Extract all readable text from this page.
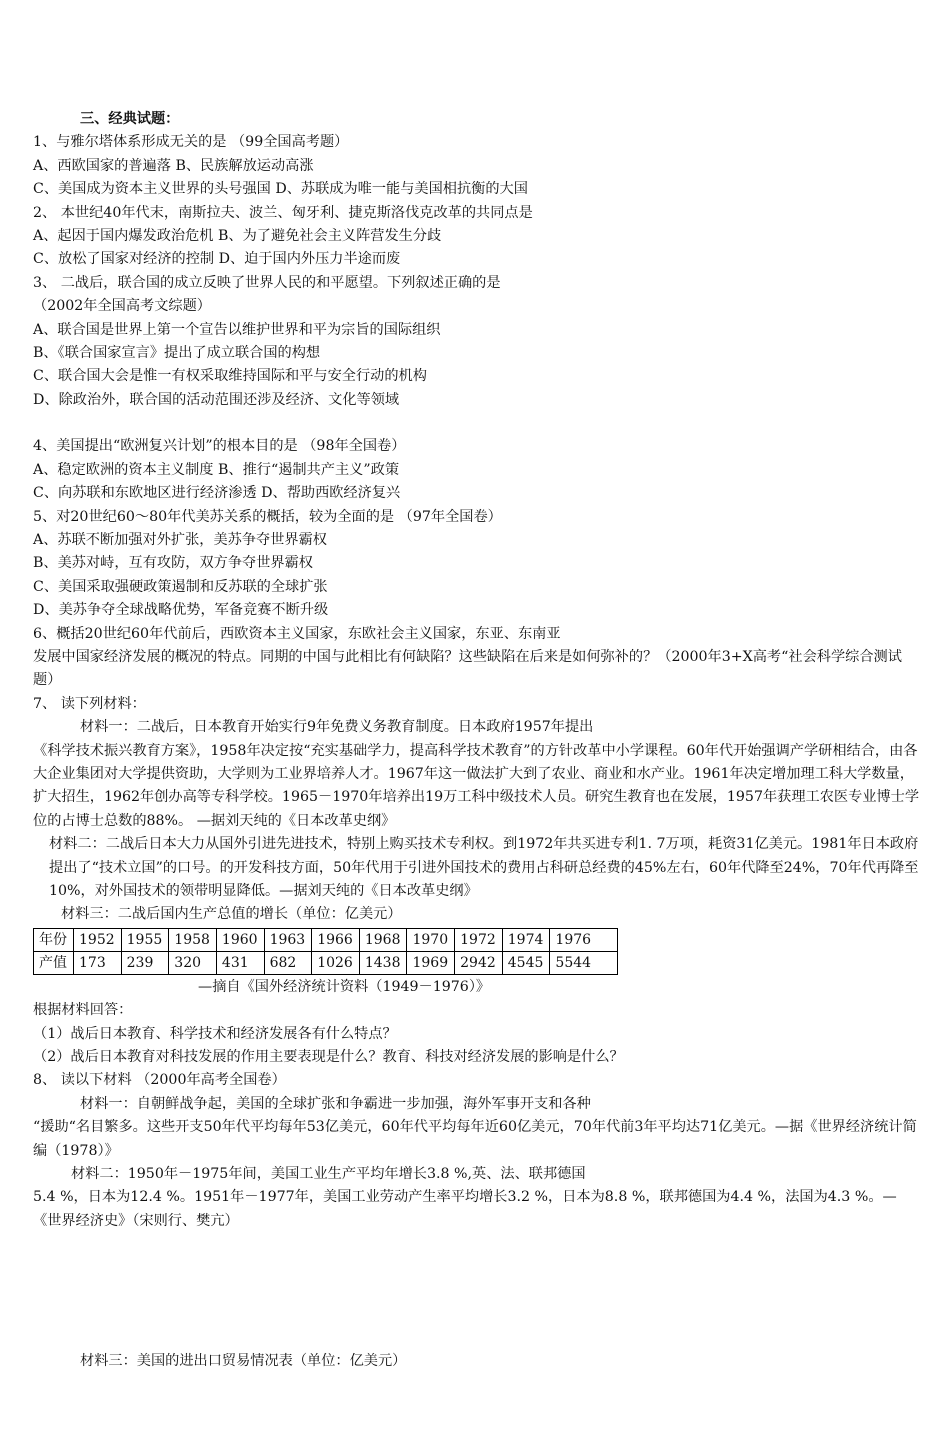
三、经典试题：
1、与雅尔塔体系形成无关的是 （99全国高考题）
A、西欧国家的普遍落 B、民族解放运动高涨
C、美国成为资本主义世界的头号强国 D、苏联成为唯一能与美国相抗衡的大国
2、 本世纪40年代末，南斯拉夫、波兰、匈牙利、捷克斯洛伐克改革的共同点是
A、起因于国内爆发政治危机 B、为了避免社会主义阵营发生分歧
C、放松了国家对经济的控制 D、迫于国内外压力半途而废
3、 二战后，联合国的成立反映了世界人民的和平愿望。下列叙述正确的是
（2002年全国高考文综题）
A、联合国是世界上第一个宣告以维护世界和平为宗旨的国际组织
B、《联合国家宣言》提出了成立联合国的构想
C、联合国大会是惟一有权采取维持国际和平与安全行动的机构
D、除政治外，联合国的活动范围还涉及经济、文化等领域
4、美国提出“欧洲复兴计划”的根本目的是 （98年全国卷）
A、稳定欧洲的资本主义制度 B、推行“遏制共产主义”政策
C、向苏联和东欧地区进行经济渗透 D、帮助西欧经济复兴
5、对20世纪60～80年代美苏关系的概括，较为全面的是 （97年全国卷）
A、苏联不断加强对外扩张，美苏争夺世界霸权
B、美苏对峙，互有攻防，双方争夺世界霸权
C、美国采取强硬政策遏制和反苏联的全球扩张
D、美苏争夺全球战略优势，军备竞赛不断升级
6、概括20世纪60年代前后，西欧资本主义国家，东欧社会主义国家，东亚、东南亚
发展中国家经济发展的概况的特点。同期的中国与此相比有何缺陷？这些缺陷在后来是如何弥补的？（2000年3+X高考“社会科学综合测试题）
7、 读下列材料：
材料一：二战后，日本教育开始实行9年免费义务教育制度。日本政府1957年提出
《科学技术振兴教育方案》，1958年决定按“充实基础学力，提高科学技术教育”的方针改革中小学课程。60年代开始强调产学研相结合，由各大企业集团对大学提供资助，大学则为工业界培养人才。1967年这一做法扩大到了农业、商业和水产业。1961年决定增加理工科大学数量，扩大招生，1962年创办高等专科学校。1965－1970年培养出19万工科中级技术人员。研究生教育也在发展，1957年获理工农医专业博士学位的占博士总数的88%。 —据刘天纯的《日本改革史纲》
材料二：二战后日本大力从国外引进先进技术，特别上购买技术专利权。到1972年共买进专利1. 7万项，耗资31亿美元。1981年日本政府提出了“技术立国”的口号。的开发科技方面，50年代用于引进外国技术的费用占科研总经费的45%左右，60年代降至24%，70年代再降至10%，对外国技术的领带明显降低。—据刘天纯的《日本改革史纲》
材料三：二战后国内生产总值的增长（单位：亿美元）
年份	1952	1955	1958	1960	1963	1966	1968	1970	1972	1974	1976
产值	173	239	320	431	682	1026	1438	1969	2942	4545	5544
—摘自《国外经济统计资料（1949－1976）》
根据材料回答：
（1）战后日本教育、科学技术和经济发展各有什么特点？
（2）战后日本教育对科技发展的作用主要表现是什么？教育、科技对经济发展的影响是什么？
8、 读以下材料 （2000年高考全国卷）
材料一：自朝鲜战争起，美国的全球扩张和争霸进一步加强，海外军事开支和各种
“援助“名目繁多。这些开支50年代平均每年53亿美元，60年代平均每年近60亿美元，70年代前3年平均达71亿美元。—据《世界经济统计简编（1978）》
材料二：1950年－1975年间，美国工业生产平均年增长3.8 %,英、法、联邦德国
5.4 %，日本为12.4 %。1951年－1977年，美国工业劳动产生率平均增长3.2 %，日本为8.8 %，联邦德国为4.4 %，法国为4.3 %。—《世界经济史》（宋则行、樊亢）
材料三：美国的进出口贸易情况表（单位：亿美元）
